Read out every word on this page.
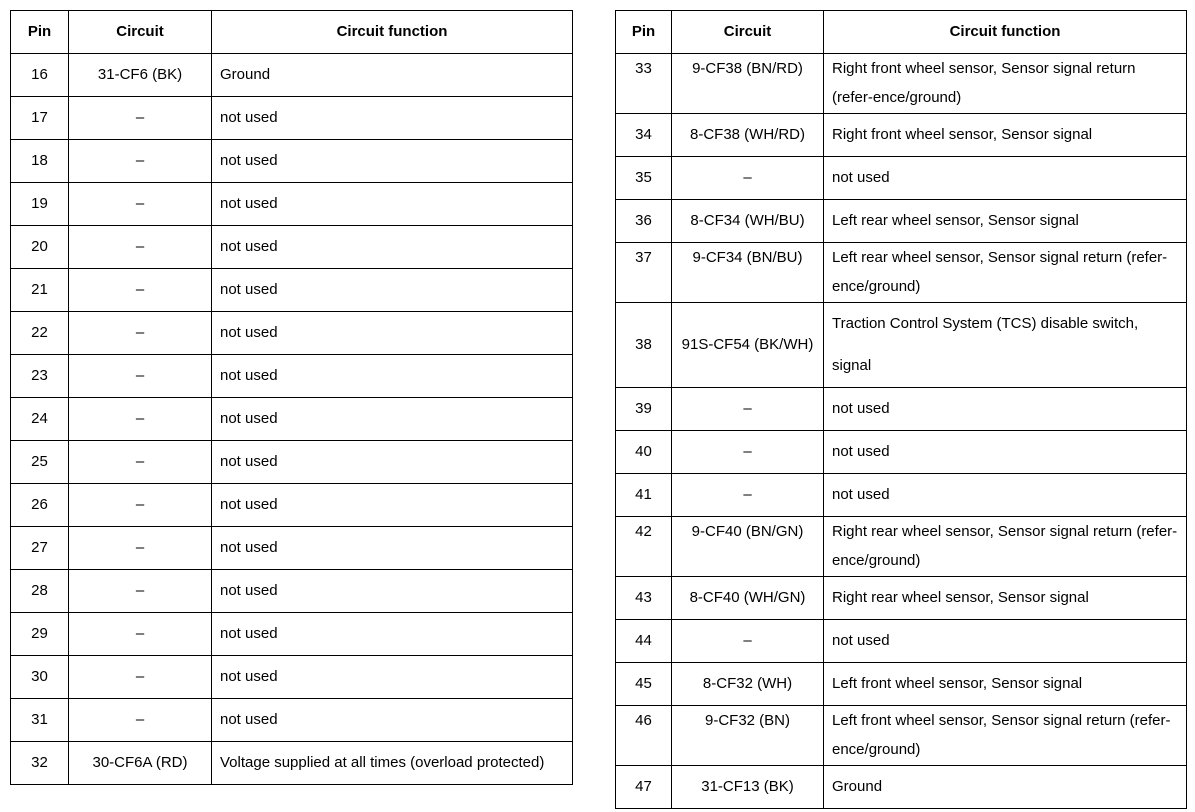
Pin	Circuit	Circuit function
16	31-CF6 (BK)	Ground
17	–	not used
18	–	not used
19	–	not used
20	–	not used
21	–	not used
22	–	not used
23	–	not used
24	–	not used
25	–	not used
26	–	not used
27	–	not used
28	–	not used
29	–	not used
30	–	not used
31	–	not used
32	30-CF6A (RD)	Voltage supplied at all times (overload protected)
Pin	Circuit	Circuit function
33	9-CF38 (BN/RD)	Right front wheel sensor, Sensor signal return (refer-ence/ground)
34	8-CF38 (WH/RD)	Right front wheel sensor, Sensor signal
35	–	not used
36	8-CF34 (WH/BU)	Left rear wheel sensor, Sensor signal
37	9-CF34 (BN/BU)	Left rear wheel sensor, Sensor signal return (refer-ence/ground)
38	91S-CF54 (BK/WH)	Traction Control System (TCS) disable switch, signal
39	–	not used
40	–	not used
41	–	not used
42	9-CF40 (BN/GN)	Right rear wheel sensor, Sensor signal return (refer-ence/ground)
43	8-CF40 (WH/GN)	Right rear wheel sensor, Sensor signal
44	–	not used
45	8-CF32 (WH)	Left front wheel sensor, Sensor signal
46	9-CF32 (BN)	Left front wheel sensor, Sensor signal return (refer-ence/ground)
47	31-CF13 (BK)	Ground
